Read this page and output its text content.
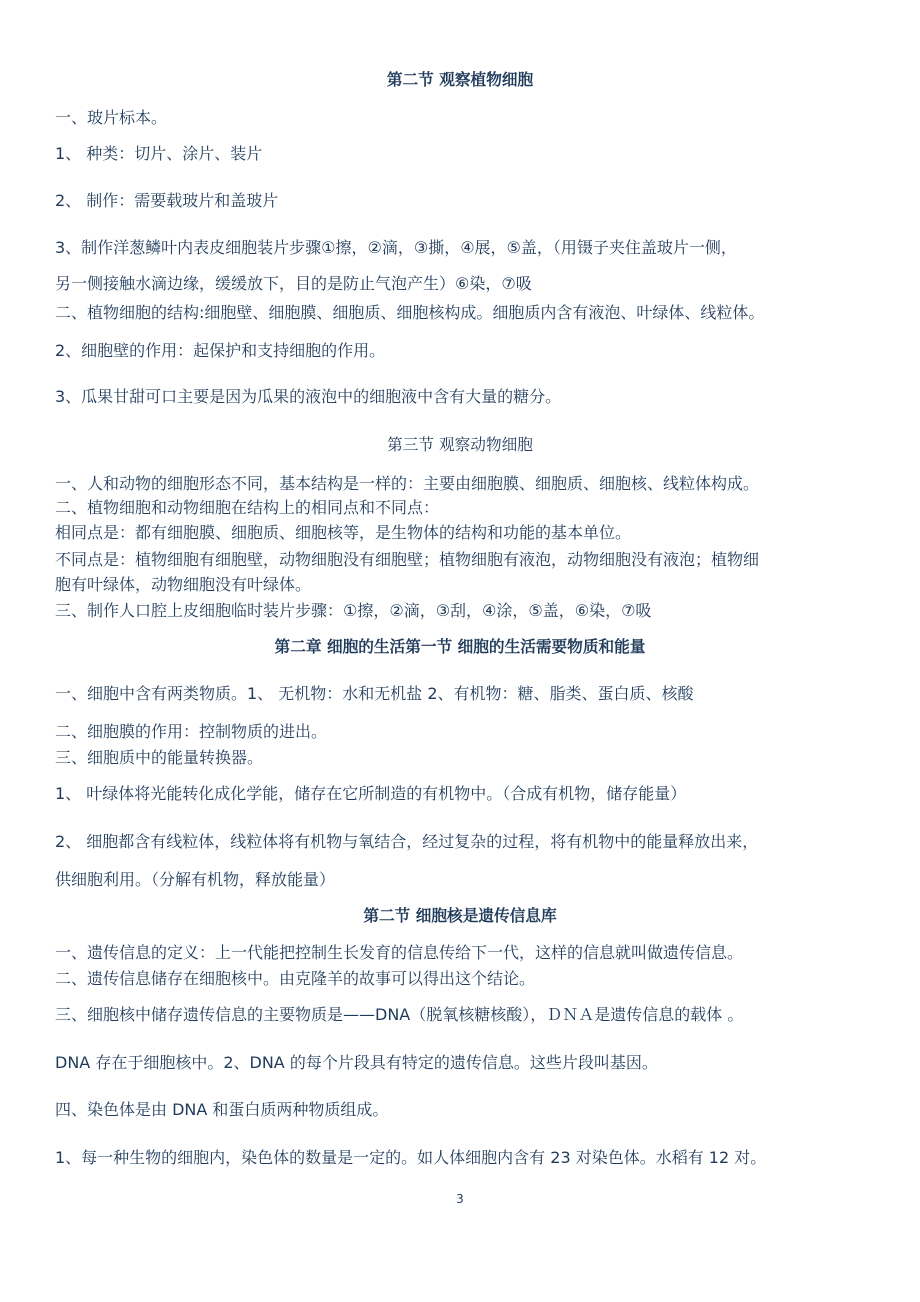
第二节 观察植物细胞
一、玻片标本。
1、 种类：切片、涂片、装片
2、 制作：需要载玻片和盖玻片
3、制作洋葱鳞叶内表皮细胞装片步骤①擦，②滴，③撕，④展，⑤盖，（用镊子夹住盖玻片一侧，
另一侧接触水滴边缘，缓缓放下，目的是防止气泡产生）⑥染，⑦吸
二、植物细胞的结构:细胞壁、细胞膜、细胞质、细胞核构成。细胞质内含有液泡、叶绿体、线粒体。
2、细胞壁的作用：起保护和支持细胞的作用。
3、瓜果甘甜可口主要是因为瓜果的液泡中的细胞液中含有大量的糖分。
第三节 观察动物细胞
一、人和动物的细胞形态不同，基本结构是一样的：主要由细胞膜、细胞质、细胞核、线粒体构成。
二、植物细胞和动物细胞在结构上的相同点和不同点：
相同点是：都有细胞膜、细胞质、细胞核等，是生物体的结构和功能的基本单位。
不同点是：植物细胞有细胞壁，动物细胞没有细胞壁；植物细胞有液泡，动物细胞没有液泡；植物细
胞有叶绿体，动物细胞没有叶绿体。
三、制作人口腔上皮细胞临时装片步骤：①擦，②滴，③刮，④涂，⑤盖，⑥染，⑦吸
第二章 细胞的生活第一节 细胞的生活需要物质和能量
一、细胞中含有两类物质。1、 无机物：水和无机盐 2、有机物：糖、脂类、蛋白质、核酸
二、细胞膜的作用：控制物质的进出。
三、细胞质中的能量转换器。
1、 叶绿体将光能转化成化学能，储存在它所制造的有机物中。（合成有机物，储存能量）
2、 细胞都含有线粒体，线粒体将有机物与氧结合，经过复杂的过程，将有机物中的能量释放出来，
供细胞利用。（分解有机物，释放能量）
第二节 细胞核是遗传信息库
一、遗传信息的定义：上一代能把控制生长发育的信息传给下一代，这样的信息就叫做遗传信息。
二、遗传信息储存在细胞核中。由克隆羊的故事可以得出这个结论。
三、细胞核中储存遗传信息的主要物质是——DNA（脱氧核糖核酸），ＤＮＡ是遗传信息的载体 。
DNA 存在于细胞核中。2、DNA 的每个片段具有特定的遗传信息。这些片段叫基因。
四、染色体是由 DNA 和蛋白质两种物质组成。
1、每一种生物的细胞内，染色体的数量是一定的。如人体细胞内含有 23 对染色体。水稻有 12 对。
3
